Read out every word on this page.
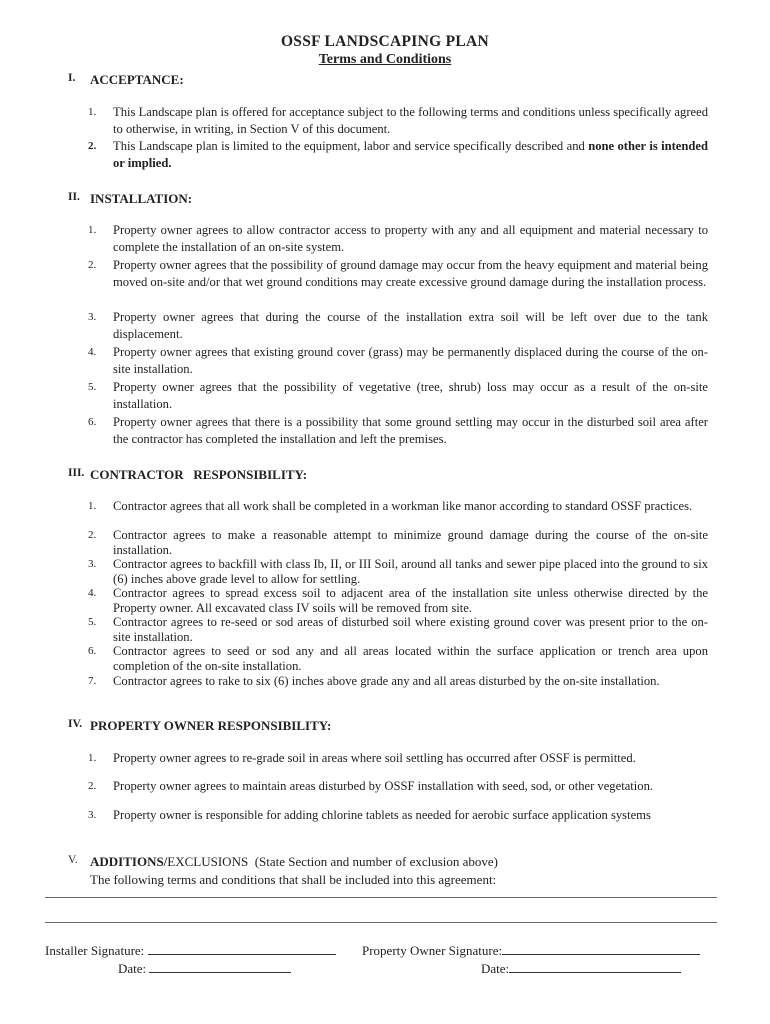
OSSF LANDSCAPING PLAN
Terms and Conditions
I. ACCEPTANCE:
1. This Landscape plan is offered for acceptance subject to the following terms and conditions unless specifically agreed to otherwise, in writing, in Section V of this document.
2. This Landscape plan is limited to the equipment, labor and service specifically described and none other is intended or implied.
II. INSTALLATION:
1. Property owner agrees to allow contractor access to property with any and all equipment and material necessary to complete the installation of an on-site system.
2. Property owner agrees that the possibility of ground damage may occur from the heavy equipment and material being moved on-site and/or that wet ground conditions may create excessive ground damage during the installation process.
3. Property owner agrees that during the course of the installation extra soil will be left over due to the tank displacement.
4. Property owner agrees that existing ground cover (grass) may be permanently displaced during the course of the on-site installation.
5. Property owner agrees that the possibility of vegetative (tree, shrub) loss may occur as a result of the on-site installation.
6. Property owner agrees that there is a possibility that some ground settling may occur in the disturbed soil area after the contractor has completed the installation and left the premises.
III. CONTRACTOR   RESPONSIBILITY:
1. Contractor agrees that all work shall be completed in a workman like manor according to standard OSSF practices.
2. Contractor agrees to make a reasonable attempt to minimize ground damage during the course of the on-site installation.
3. Contractor agrees to backfill with class Ib, II, or III Soil, around all tanks and sewer pipe placed into the ground to six (6) inches above grade level to allow for settling.
4. Contractor agrees to spread excess soil to adjacent area of the installation site unless otherwise directed by the Property owner. All excavated class IV soils will be removed from site.
5. Contractor agrees to re-seed or sod areas of disturbed soil where existing ground cover was present prior to the on-site installation.
6. Contractor agrees to seed or sod any and all areas located within the surface application or trench area upon completion of the on-site installation.
7. Contractor agrees to rake to six (6) inches above grade any and all areas disturbed by the on-site installation.
IV. PROPERTY OWNER RESPONSIBILITY:
1. Property owner agrees to re-grade soil in areas where soil settling has occurred after OSSF is permitted.
2. Property owner agrees to maintain areas disturbed by OSSF installation with seed, sod, or other vegetation.
3. Property owner is responsible for adding chlorine tablets as needed for aerobic surface application systems
V. ADDITIONS/EXCLUSIONS  (State Section and number of exclusion above)
The following terms and conditions that shall be included into this agreement:
Installer Signature:
Date:
Property Owner Signature:
Date:
